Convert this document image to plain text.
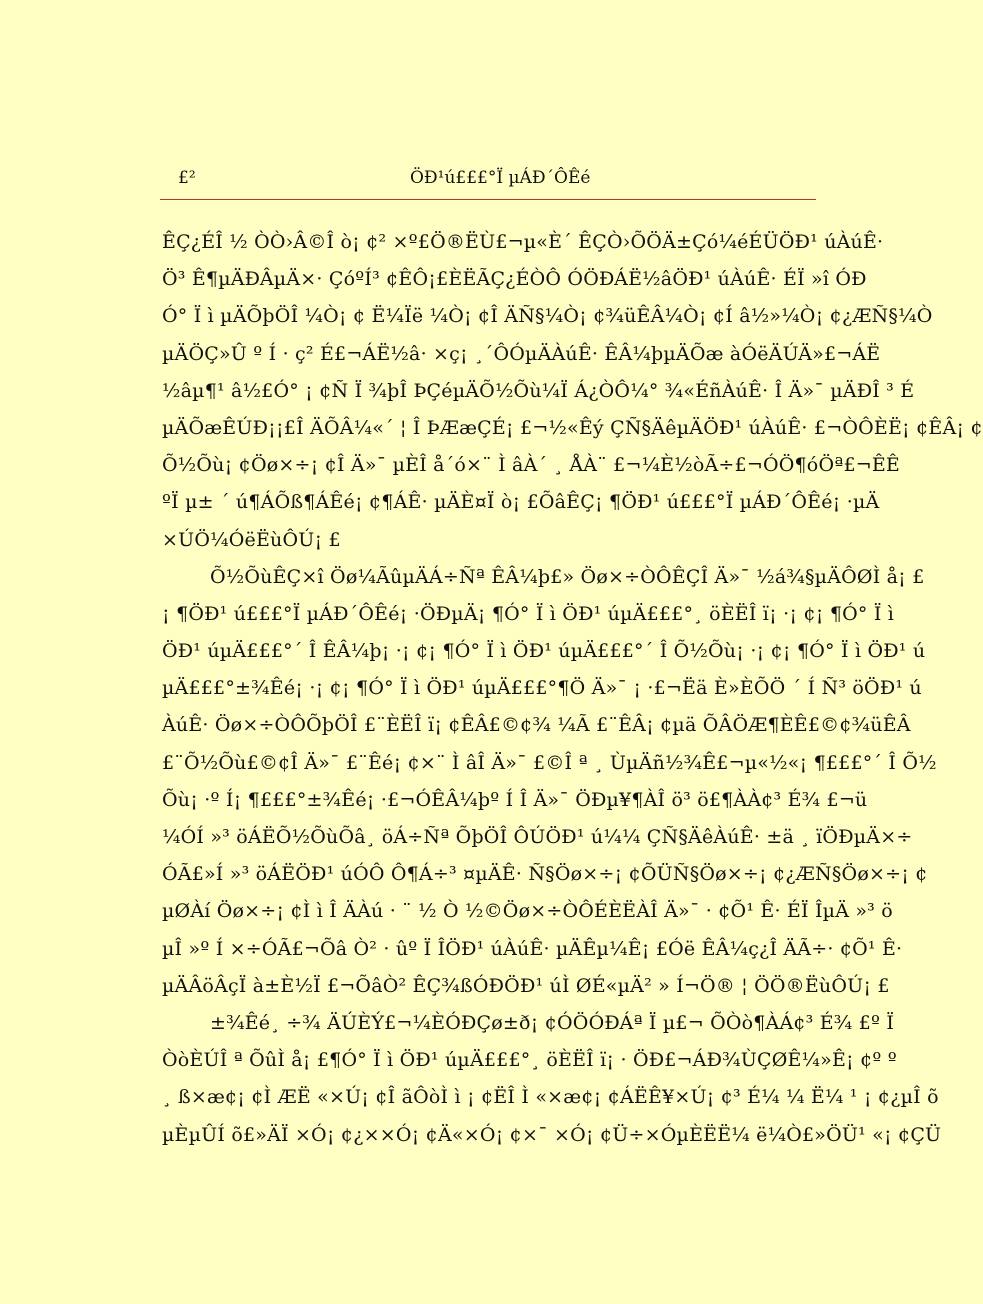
£²	ÖÐ¹ú£££°Ï µÁÐ´ÔÊé
ÊÇ¿ÉÎ ½ ÒÒ›Â©Î ò¡ ¢² ×º£Ö®ËÙ£¬µ«È´ ÊÇÒ›ÕÖÄ±Çó¼éÉÜÖÐ¹ úÀúÊ·
Ö³ Ê¶µÄÐÂµÄ×· ÇóºÍ³ ¢ÊÔ¡£ÈËÃÇ¿ÉÒÔ ÓÖÐÁË½âÖÐ¹ úÀúÊ· ÉÏ »î ÓÐ
Ó° Ï ì µÄÕþÖÎ ¼Ò¡ ¢ Ë¼Ïë ¼Ò¡ ¢Î ÄÑ§¼Ò¡ ¢¾üÊÂ¼Ò¡ ¢Í â½»¼Ò¡ ¢¿ÆÑ§¼Ò
µÄÖÇ»Û º Í · ç² É£¬ÁË½â· ×ç¡ ¸´ÔÓµÄÀúÊ· ÊÂ¼þµÄÕæ àÓëÄÚÄ»£¬ÁË
½âµ¶¹ â½£Ó° ¡ ¢Ñ Ï ¾þÎ ÞÇéµÄÕ½Õù¼Ï Á¿ÒÔ¼° ¾«ÉñÀúÊ· Î Ä»¯ µÄÐÎ ³ É
µÄÕæÊÚÐ¡¡£Î ÄÕÂ¼«´ ¦ Î ÞÆæÇÉ¡ £¬½«Êý ÇÑ§ÄêµÄÖÐ¹ úÀúÊ· £¬ÒÔÈË¡ ¢ÊÂ¡ ¢
Õ½Õù¡ ¢Öø×÷¡ ¢Î Ä»¯ µÈÎ å´ó×¨ Ì âÀ´ ¸ ÅÀ¨ £¬¼È½òÃ÷£¬ÓÖ¶óÖª£¬ÊÊ
ºÏ µ± ´ ú¶ÁÕß¶ÁÊé¡ ¢¶ÁÊ· µÄÈ¤Ï ò¡ £ÕâÊÇ¡ ¶ÖÐ¹ ú£££°Ï µÁÐ´ÔÊé¡ ·µÄ
×ÚÖ¼ÓëËùÔÚ¡ £
Õ½ÕùÊÇ×î Öø¼ÃûµÄÁ÷Ñª ÊÂ¼þ£» Öø×÷ÒÔÊÇÎ Ä»¯ ½á¾§µÄÔØÌ å¡ £
¡ ¶ÖÐ¹ ú£££°Ï µÁÐ´ÔÊé¡ ·ÖÐµÄ¡ ¶Ó° Ï ì ÖÐ¹ úµÄ£££°¸ öÈËÎ ï¡ ·¡ ¢¡ ¶Ó° Ï ì
ÖÐ¹ úµÄ£££°´ Î ÊÂ¼þ¡ ·¡ ¢¡ ¶Ó° Ï ì ÖÐ¹ úµÄ£££°´ Î Õ½Õù¡ ·¡ ¢¡ ¶Ó° Ï ì ÖÐ¹ ú
µÄ£££°±¾Êé¡ ·¡ ¢¡ ¶Ó° Ï ì ÖÐ¹ úµÄ£££°¶Ö Ä»¯ ¡ ·£¬Ëä È»ÈÕÖ ´ Í Ñ³ öÖÐ¹ ú
ÀúÊ· Öø×÷ÒÔÕþÖÎ £¨ÈËÎ ï¡ ¢ÊÂ£©¢¾ ¼Ã £¨ÊÂ¡ ¢µä ÕÂÖÆ¶ÈÊ£©¢¾üÊÂ
£¨Õ½Õù£©¢Î Ä»¯ £¨Êé¡ ¢×¨ Ì âÎ Ä»¯ £©Î ª ¸ ÙµÄñ½¾Ê£¬µ«½«¡ ¶£££°´ Î Õ½
Õù¡ ·º Í¡ ¶£££°±¾Êé¡ ·£¬ÓÊÂ¼þº Í Î Ä»¯ ÖÐµ¥¶ÀÎ ö³ ö£¶ÀÀ¢³ É¾ £¬ü
¼ÓÍ »³ öÁËÕ½ÕùÕâ¸ öÁ÷Ñª ÕþÖÎ ÔÚÖÐ¹ ú¼¼ ÇÑ§ÄêÀúÊ· ±ä ¸ ïÖÐµÄ×÷
ÓÃ£»Í »³ öÁËÖÐ¹ úÓÔ Ô¶Á÷³ ¤µÄÊ· Ñ§Öø×÷¡ ¢ÕÜÑ§Öø×÷¡ ¢¿ÆÑ§Öø×÷¡ ¢
µØÀí Öø×÷¡ ¢Ì ì Î ÄÀú · ¨ ½ Ò ½©Öø×÷ÒÔÉÈËÀÎ Ä»¯ · ¢Õ¹ Ê· ÉÏ ÎµÄ »³ ö
µÎ »º Í ×÷ÓÃ£¬Õâ Ò² · ûº Ï ÎÖÐ¹ úÀúÊ· µÄÊµ¼Ê¡ £Óë ÊÂ¼ç¿Î ÄÃ÷· ¢Õ¹ Ê·
µÄÂöÂçÏ à±È½Ï £¬ÕâÒ² ÊÇ¾ßÓÐÖÐ¹ úÌ ØÉ«µÄ² » Í¬Ö® ¦ ÖÖ®ËùÔÚ¡ £
±¾Êé¸ ÷¾ ÄÚÈÝ£¬¼ÈÓÐÇø±ð¡ ¢ÓÖÓÐÁª Ï µ£¬ ÕÒò¶ÀÁ¢³ É¾ £º Ï
ÒòÈÚÎ ª ÕûÌ å¡ £¶Ó° Ï ì ÖÐ¹ úµÄ£££°¸ öÈËÎ ï¡ · ÖÐ£¬ÁÐ¾ÙÇØÊ¼»Ê¡ ¢º º
¸ ß×æ¢¡ ¢Ì ÆË «×Ú¡ ¢Î ãÔòÌ ì ¡ ¢ËÎ Ì «×æ¢¡ ¢ÁËÊ¥×Ú¡ ¢³ É¼ ¼ Ë¼ ¹ ¡ ¢¿µÎ õ
µÈµÛÍ õ£»ÄÏ ×Ó¡ ¢¿××Ó¡ ¢Ä«×Ó¡ ¢×¯ ×Ó¡ ¢Ü÷×ÓµÈËË¼ ë¼Ò£»ÖÜ¹ «¡ ¢ÇÜ
